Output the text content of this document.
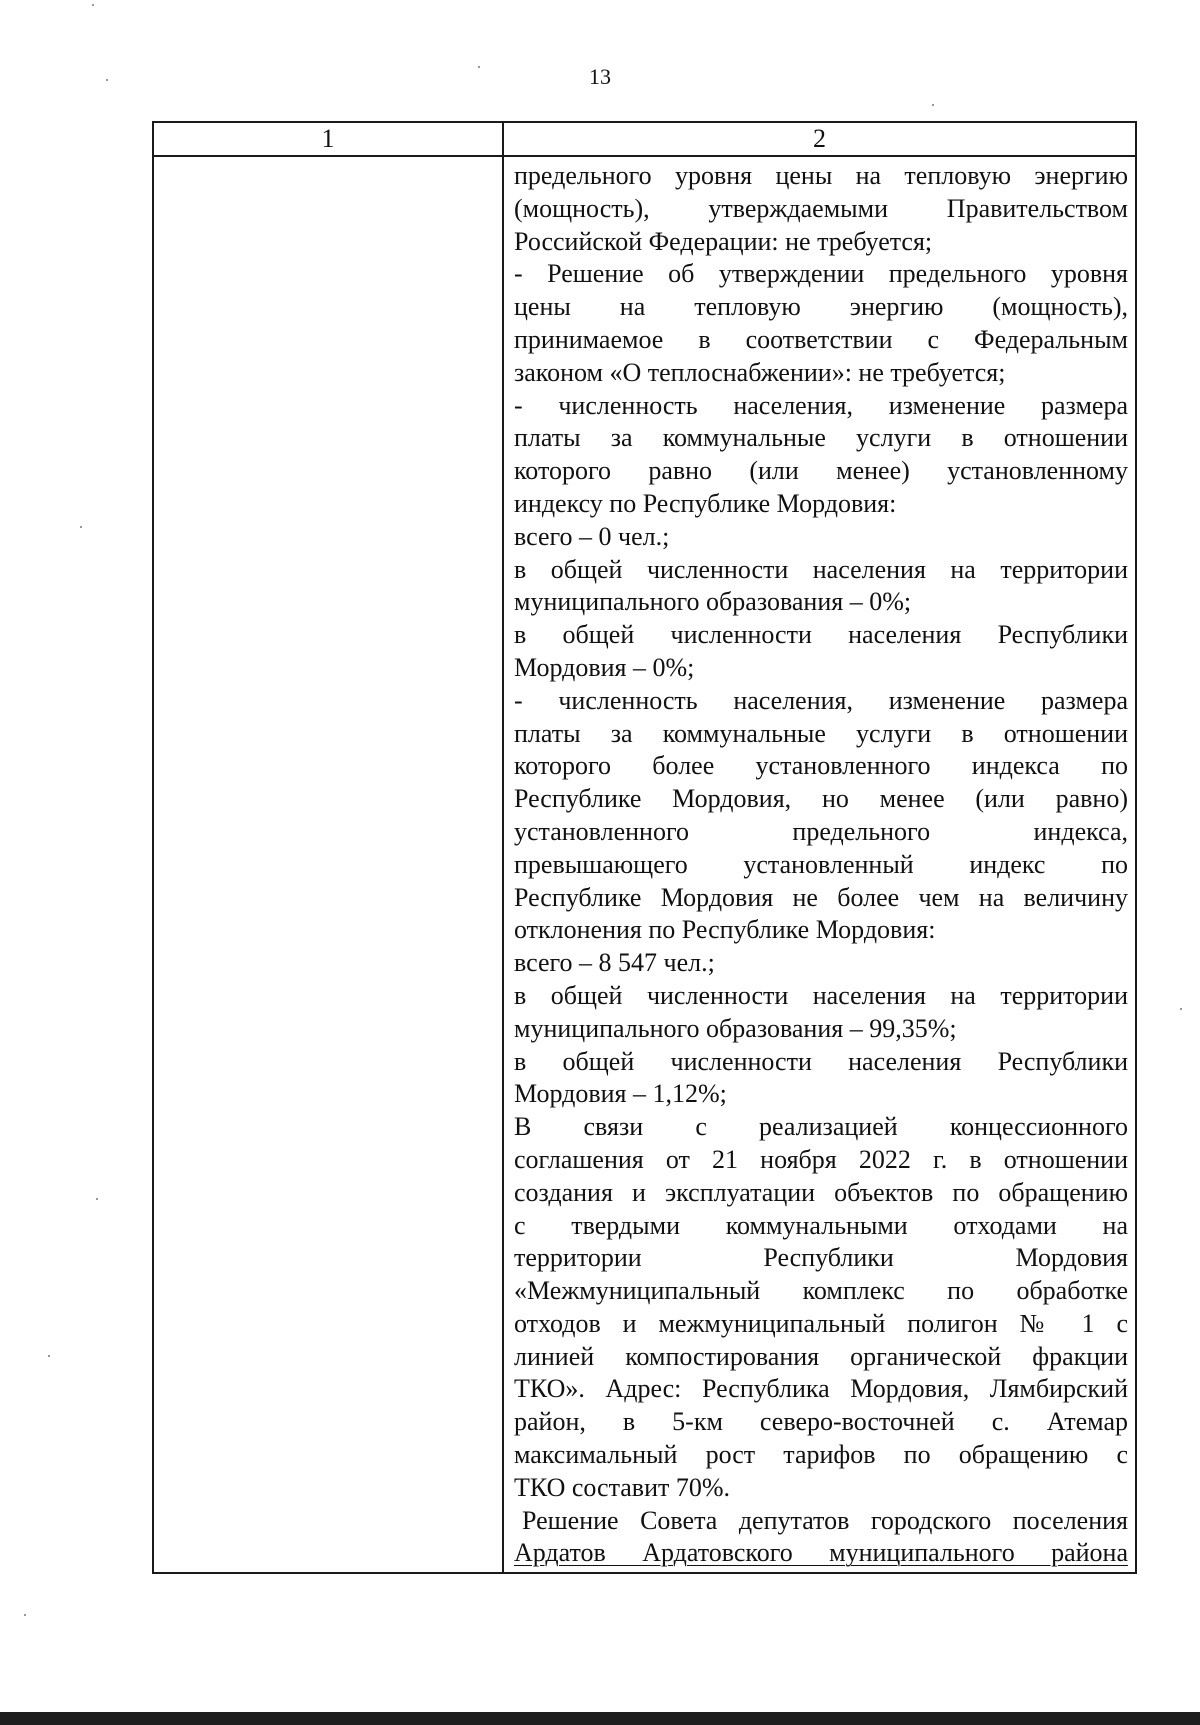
13
1	2
предельного уровня цены на тепловую энергию
(мощность), утверждаемыми Правительством
Российской Федерации: не требуется;
- Решение об утверждении предельного уровня
цены на тепловую энергию (мощность),
принимаемое в соответствии с Федеральным
законом «О теплоснабжении»: не требуется;
- численность населения, изменение размера
платы за коммунальные услуги в отношении
которого равно (или менее) установленному
индексу по Республике Мордовия:
всего – 0 чел.;
в общей численности населения на территории
муниципального образования – 0%;
в общей численности населения Республики
Мордовия – 0%;
- численность населения, изменение размера
платы за коммунальные услуги в отношении
которого более установленного индекса по
Республике Мордовия, но менее (или равно)
установленного предельного индекса,
превышающего установленный индекс по
Республике Мордовия не более чем на величину
отклонения по Республике Мордовия:
всего – 8 547 чел.;
в общей численности населения на территории
муниципального образования – 99,35%;
в общей численности населения Республики
Мордовия – 1,12%;
В связи с реализацией концессионного
соглашения от 21 ноября 2022 г. в отношении
создания и эксплуатации объектов по обращению
с твердыми коммунальными отходами на
территории Республики Мордовия
«Межмуниципальный комплекс по обработке
отходов и межмуниципальный полигон № 1 с
линией компостирования органической фракции
ТКО». Адрес: Республика Мордовия, Лямбирский
район, в 5-км северо-восточней с. Атемар
максимальный рост тарифов по обращению с
ТКО составит 70%.
Решение Совета депутатов городского поселения
Ардатов Ардатовского муниципального района
